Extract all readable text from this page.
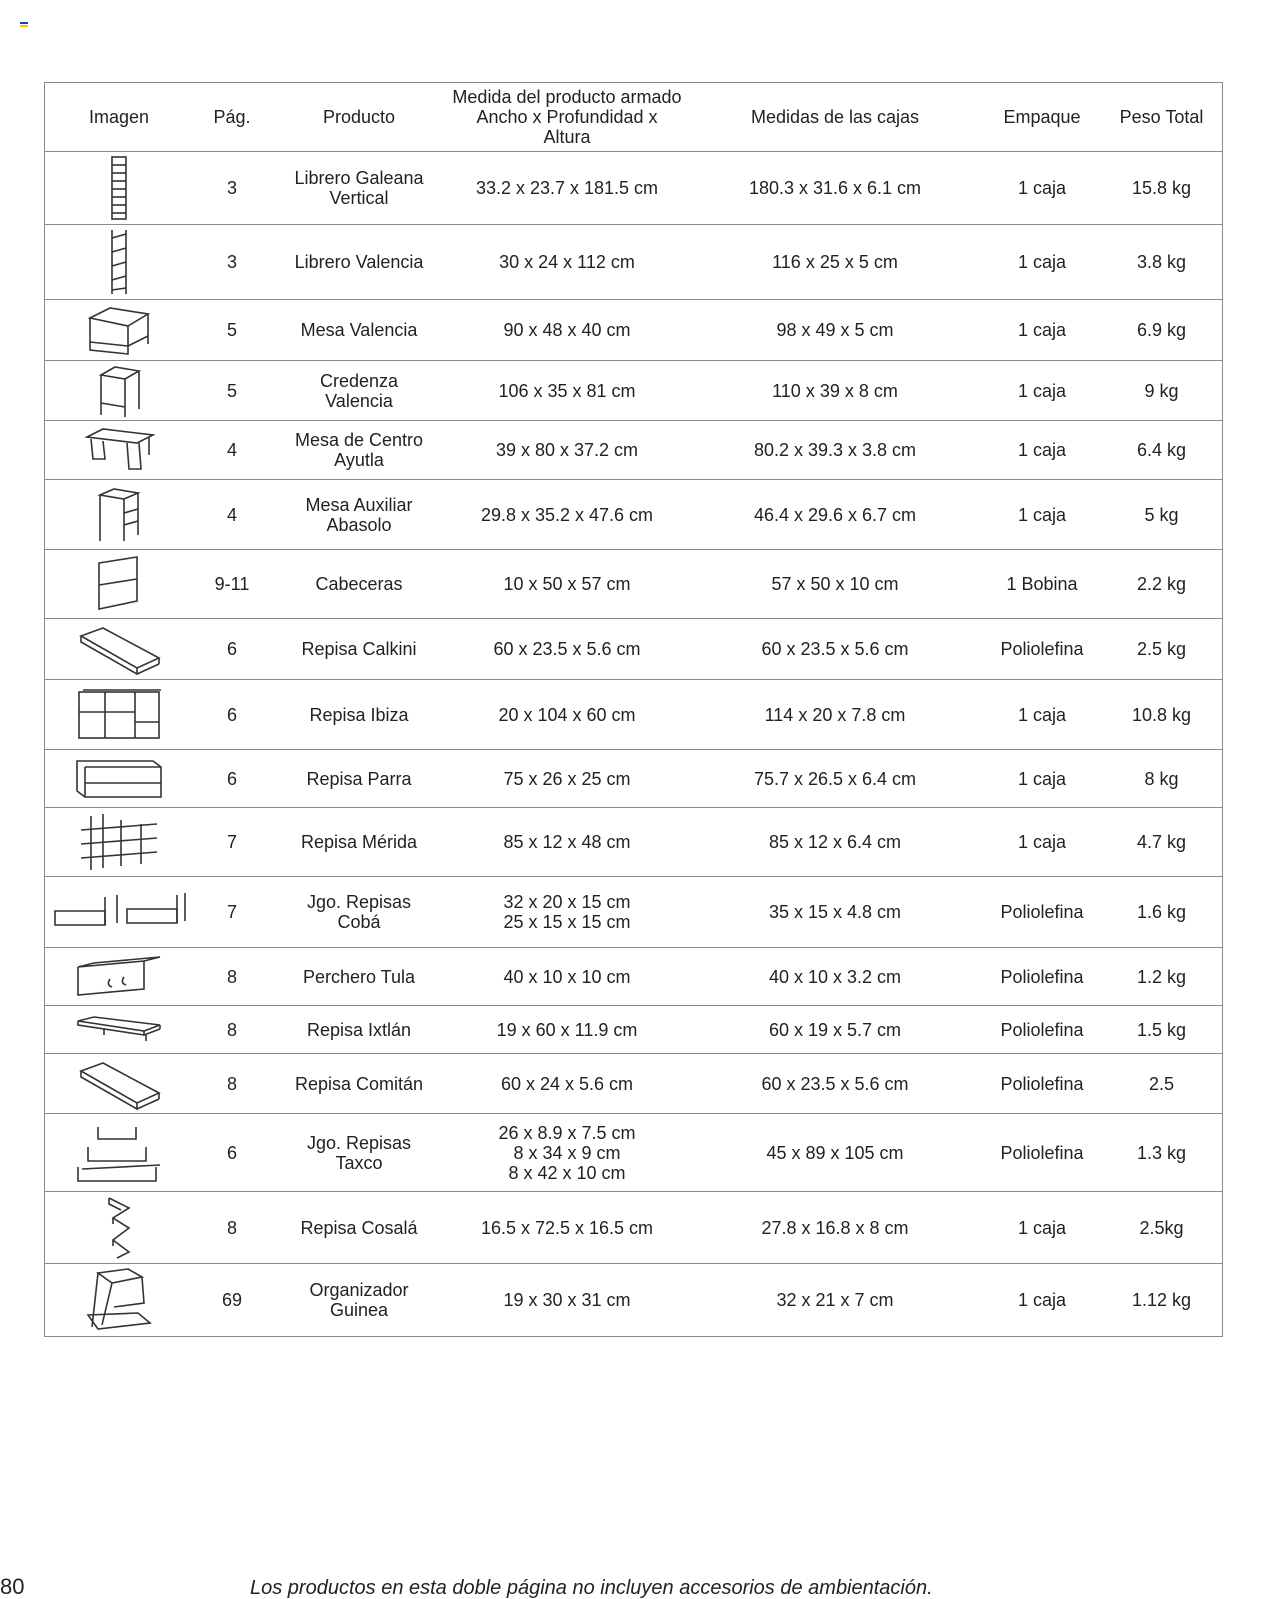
Imagen	Pág.	Producto	Medida del producto armado
Ancho x Profundidad x Altura	Medidas de las cajas	Empaque	Peso Total

	3	Librero Galeana
Vertical	33.2 x 23.7 x 181.5 cm	180.3 x 31.6 x 6.1 cm	1 caja	15.8 kg

	3	Librero Valencia	30 x 24 x 112 cm	116 x 25 x 5 cm	1 caja	3.8 kg

	5	Mesa Valencia	90 x 48 x 40 cm	98 x 49 x 5 cm	1 caja	6.9 kg

	5	Credenza
Valencia	106 x 35 x 81 cm	110 x 39 x 8 cm	1 caja	9 kg

	4	Mesa de Centro
Ayutla	39 x 80 x 37.2 cm	80.2 x 39.3 x 3.8 cm	1 caja	6.4 kg

	4	Mesa Auxiliar
Abasolo	29.8 x 35.2 x 47.6 cm	46.4 x 29.6 x 6.7 cm	1 caja	5 kg

	9-11	Cabeceras	10 x 50 x 57 cm	57 x 50 x 10 cm	1 Bobina	2.2 kg

	6	Repisa Calkini	60 x 23.5 x 5.6 cm	60 x 23.5 x 5.6 cm	Poliolefina	2.5 kg

	6	Repisa Ibiza	20 x 104 x 60 cm	114 x 20 x 7.8 cm	1 caja	10.8 kg

	6	Repisa Parra	75 x 26 x 25 cm	75.7 x 26.5 x 6.4 cm	1 caja	8 kg

	7	Repisa Mérida	85 x 12 x 48 cm	85 x 12 x 6.4 cm	1 caja	4.7 kg

	7	Jgo. Repisas
Cobá	32 x 20 x 15 cm
25 x 15 x 15 cm	35 x 15 x 4.8 cm	Poliolefina	1.6 kg

	8	Perchero Tula	40 x 10 x 10 cm	40 x 10 x 3.2 cm	Poliolefina	1.2 kg

	8	Repisa Ixtlán	19 x 60 x 11.9 cm	60 x 19 x 5.7 cm	Poliolefina	1.5 kg

	8	Repisa Comitán	60 x 24 x 5.6 cm	60 x 23.5 x 5.6 cm	Poliolefina	2.5

	6	Jgo. Repisas
Taxco	26 x 8.9 x 7.5 cm
8 x 34 x 9 cm
8 x 42 x 10 cm	45 x 89 x 105 cm	Poliolefina	1.3 kg

	8	Repisa Cosalá	16.5 x 72.5 x 16.5 cm	27.8 x 16.8 x 8 cm	1 caja	2.5kg

	69	Organizador
Guinea	19 x 30 x 31 cm	32 x 21 x 7 cm	1 caja	1.12 kg
80	Los productos en esta doble página no incluyen accesorios de ambientación.
